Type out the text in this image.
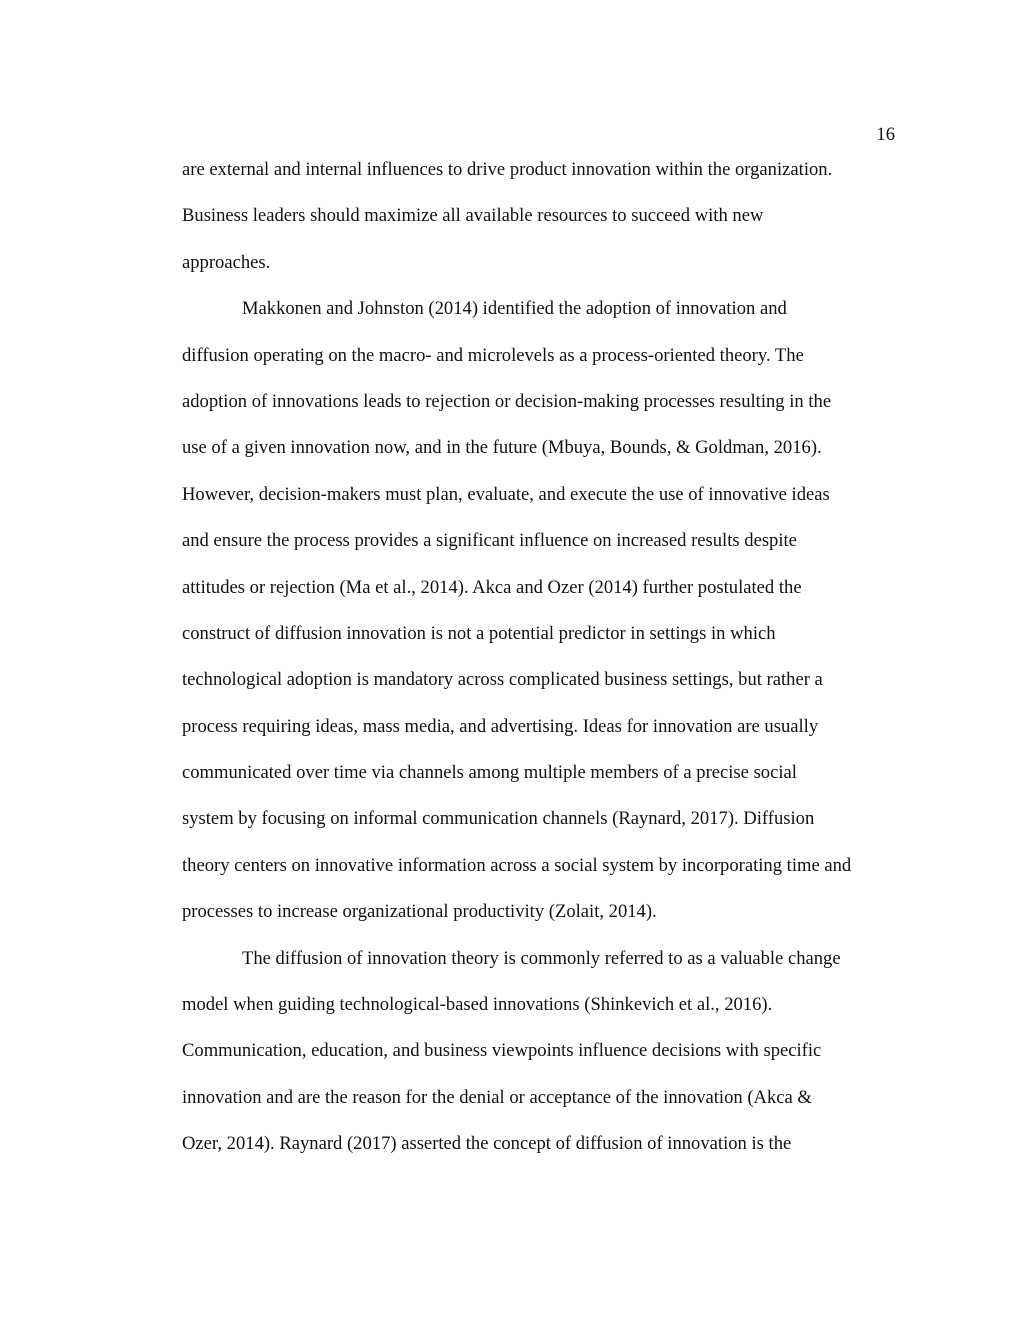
16
are external and internal influences to drive product innovation within the organization.
Business leaders should maximize all available resources to succeed with new
approaches.
Makkonen and Johnston (2014) identified the adoption of innovation and
diffusion operating on the macro- and microlevels as a process-oriented theory. The
adoption of innovations leads to rejection or decision-making processes resulting in the
use of a given innovation now, and in the future (Mbuya, Bounds, & Goldman, 2016).
However, decision-makers must plan, evaluate, and execute the use of innovative ideas
and ensure the process provides a significant influence on increased results despite
attitudes or rejection (Ma et al., 2014). Akca and Ozer (2014) further postulated the
construct of diffusion innovation is not a potential predictor in settings in which
technological adoption is mandatory across complicated business settings, but rather a
process requiring ideas, mass media, and advertising. Ideas for innovation are usually
communicated over time via channels among multiple members of a precise social
system by focusing on informal communication channels (Raynard, 2017). Diffusion
theory centers on innovative information across a social system by incorporating time and
processes to increase organizational productivity (Zolait, 2014).
The diffusion of innovation theory is commonly referred to as a valuable change
model when guiding technological-based innovations (Shinkevich et al., 2016).
Communication, education, and business viewpoints influence decisions with specific
innovation and are the reason for the denial or acceptance of the innovation (Akca &
Ozer, 2014). Raynard (2017) asserted the concept of diffusion of innovation is the
